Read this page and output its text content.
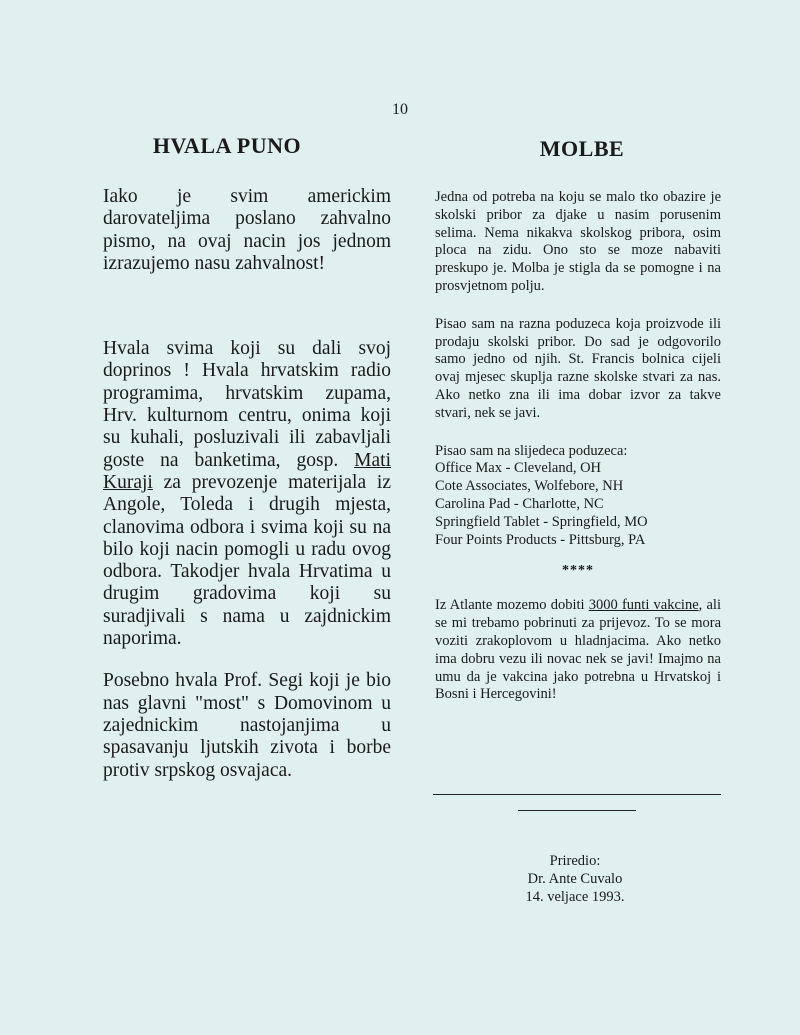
10
HVALA PUNO

Iako je svim americkim darovateljima poslano zahvalno pismo, na ovaj nacin jos jednom izrazujemo nasu zahvalnost!

Hvala svima koji su dali svoj doprinos ! Hvala hrvatskim radio programima, hrvatskim zupama, Hrv. kulturnom centru, onima koji su kuhali, posluzivali ili zabavljali goste na banketima, gosp. Mati Kuraji za prevozenje materijala iz Angole, Toleda i drugih mjesta, clanovima odbora i svima koji su na bilo koji nacin pomogli u radu ovog odbora. Takodjer hvala Hrvatima u drugim gradovima koji su suradjivali s nama u zajdnickim naporima.

Posebno hvala Prof. Segi koji je bio nas glavni "most" s Domovinom u zajednickim nastojanjima u spasavanju ljutskih zivota i borbe protiv srpskog osvajaca.

MOLBE

Jedna od potreba na koju se malo tko obazire je skolski pribor za djake u nasim porusenim selima. Nema nikakva skolskog pribora, osim ploca na zidu. Ono sto se moze nabaviti preskupo je. Molba je stigla da se pomogne i na prosvjetnom polju.

Pisao sam na razna poduzeca koja proizvode ili prodaju skolski pribor. Do sad je odgovorilo samo jedno od njih. St. Francis bolnica cijeli ovaj mjesec skuplja razne skolske stvari za nas. Ako netko zna ili ima dobar izvor za takve stvari, nek se javi.

Pisao sam na slijedeca poduzeca:

Office Max - Cleveland, OH
Cote Associates, Wolfebore, NH
Carolina Pad - Charlotte, NC
Springfield Tablet - Springfield, MO
Four Points Products - Pittsburg, PA
****

Iz Atlante mozemo dobiti 3000 funti vakcine, ali se mi trebamo pobrinuti za prijevoz. To se mora voziti zrakoplovom u hladnjacima. Ako netko ima dobru vezu ili novac nek se javi! Imajmo na umu da je vakcina jako potrebna u Hrvatskoj i Bosni i Hercegovini!

Priredio:
Dr. Ante Cuvalo
14. veljace 1993.
